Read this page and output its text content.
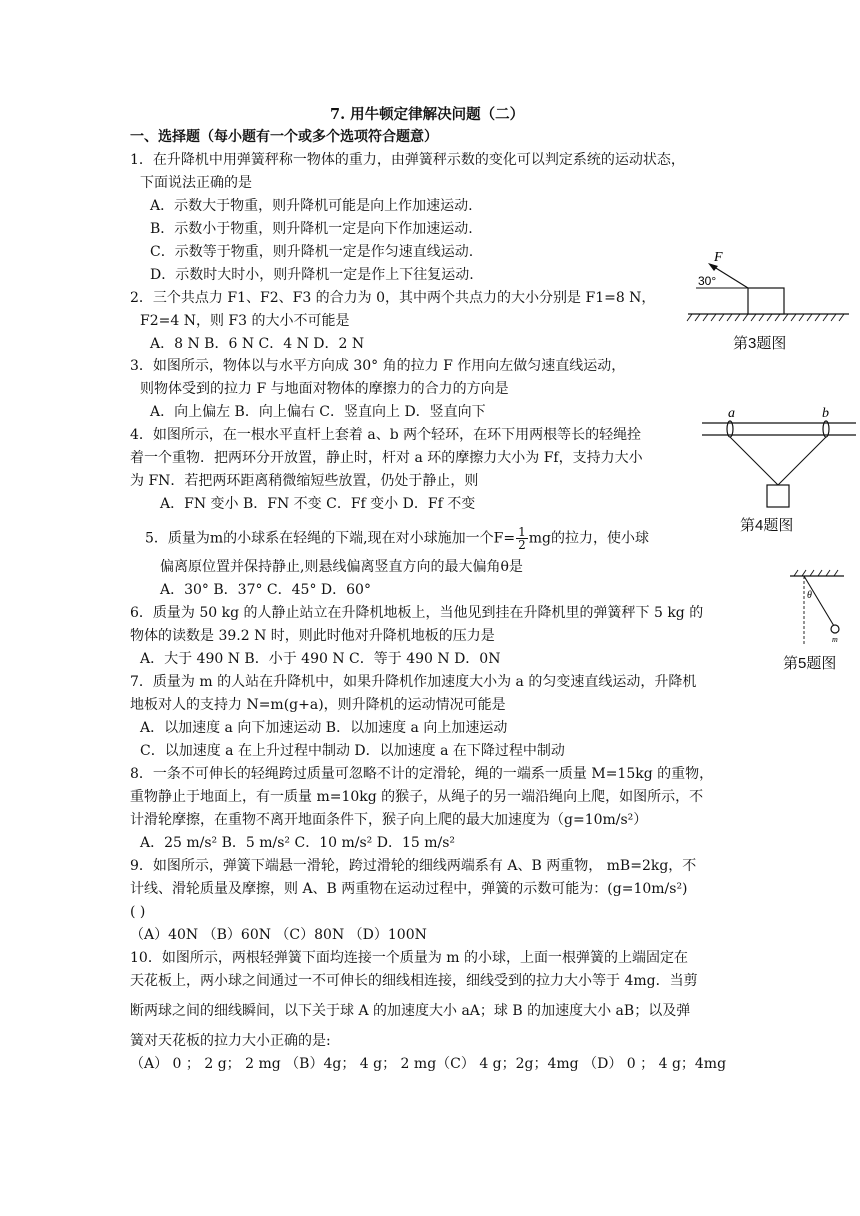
7. 用牛顿定律解决问题（二）
一、选择题（每小题有一个或多个选项符合题意）
1．在升降机中用弹簧秤称一物体的重力，由弹簧秤示数的变化可以判定系统的运动状态，
下面说法正确的是
A．示数大于物重，则升降机可能是向上作加速运动.
B．示数小于物重，则升降机一定是向下作加速运动.
C．示数等于物重，则升降机一定是作匀速直线运动.
D．示数时大时小，则升降机一定是作上下往复运动.
2．三个共点力 F1、F2、F3 的合力为 0，其中两个共点力的大小分别是 F1=8 N，
F2=4 N，则 F3 的大小不可能是
A．8 N B．6 N C．4 N D．2 N
3．如图所示，物体以与水平方向成 30° 角的拉力 F 作用向左做匀速直线运动，
则物体受到的拉力 F 与地面对物体的摩擦力的合力的方向是
A．向上偏左 B．向上偏右 C．竖直向上 D．竖直向下
4．如图所示，在一根水平直杆上套着 a、b 两个轻环，在环下用两根等长的轻绳拴
着一个重物．把两环分开放置，静止时，杆对 a 环的摩擦力大小为 Ff，支持力大小
为 FN．若把两环距离稍微缩短些放置，仍处于静止，则
A．FN 变小 B．FN 不变 C．Ff 变小 D．Ff 不变
5．质量为m的小球系在轻绳的下端,现在对小球施加一个$F= \frac{1}{2}$ mg的拉力，使小球
偏离原位置并保持静止,则悬线偏离竖直方向的最大偏角θ是
A．30° B．37° C．45° D．60°
6．质量为 50 kg 的人静止站立在升降机地板上，当他见到挂在升降机里的弹簧秤下 5 kg 的
物体的读数是 39.2 N 时，则此时他对升降机地板的压力是
A．大于 490 N B．小于 490 N C．等于 490 N D．0N
7．质量为 m 的人站在升降机中，如果升降机作加速度大小为 a 的匀变速直线运动，升降机
地板对人的支持力 N=m(g+a)，则升降机的运动情况可能是
A．以加速度 a 向下加速运动 B．以加速度 a 向上加速运动
C．以加速度 a 在上升过程中制动 D．以加速度 a 在下降过程中制动
8．一条不可伸长的轻绳跨过质量可忽略不计的定滑轮，绳的一端系一质量 M=15kg 的重物，
重物静止于地面上，有一质量 m=10kg 的猴子，从绳子的另一端沿绳向上爬，如图所示，不
计滑轮摩擦，在重物不离开地面条件下，猴子向上爬的最大加速度为（g=10m/s²）
A．25 m/s² B．5 m/s² C．10 m/s² D．15 m/s²
9．如图所示，弹簧下端悬一滑轮，跨过滑轮的细线两端系有 A、B 两重物， mB=2kg，不
计线、滑轮质量及摩擦，则 A、B 两重物在运动过程中，弹簧的示数可能为：(g=10m/s²)
( )
（A）40N （B）60N （C）80N （D）100N
10．如图所示，两根轻弹簧下面均连接一个质量为 m 的小球，上面一根弹簧的上端固定在
天花板上，两小球之间通过一不可伸长的细线相连接，细线受到的拉力大小等于 4mg．当剪
断两球之间的细线瞬间，以下关于球 A 的加速度大小 aA；球 B 的加速度大小 aB；以及弹
簧对天花板的拉力大小正确的是:
（A） 0 ； 2 g； 2 mg （B）4g； 4 g； 2 mg（C） 4 g；2g；4mg （D） 0 ； 4 g；4mg
F
30°
第3题图
a	b
第4题图
θ
m
第5题图
